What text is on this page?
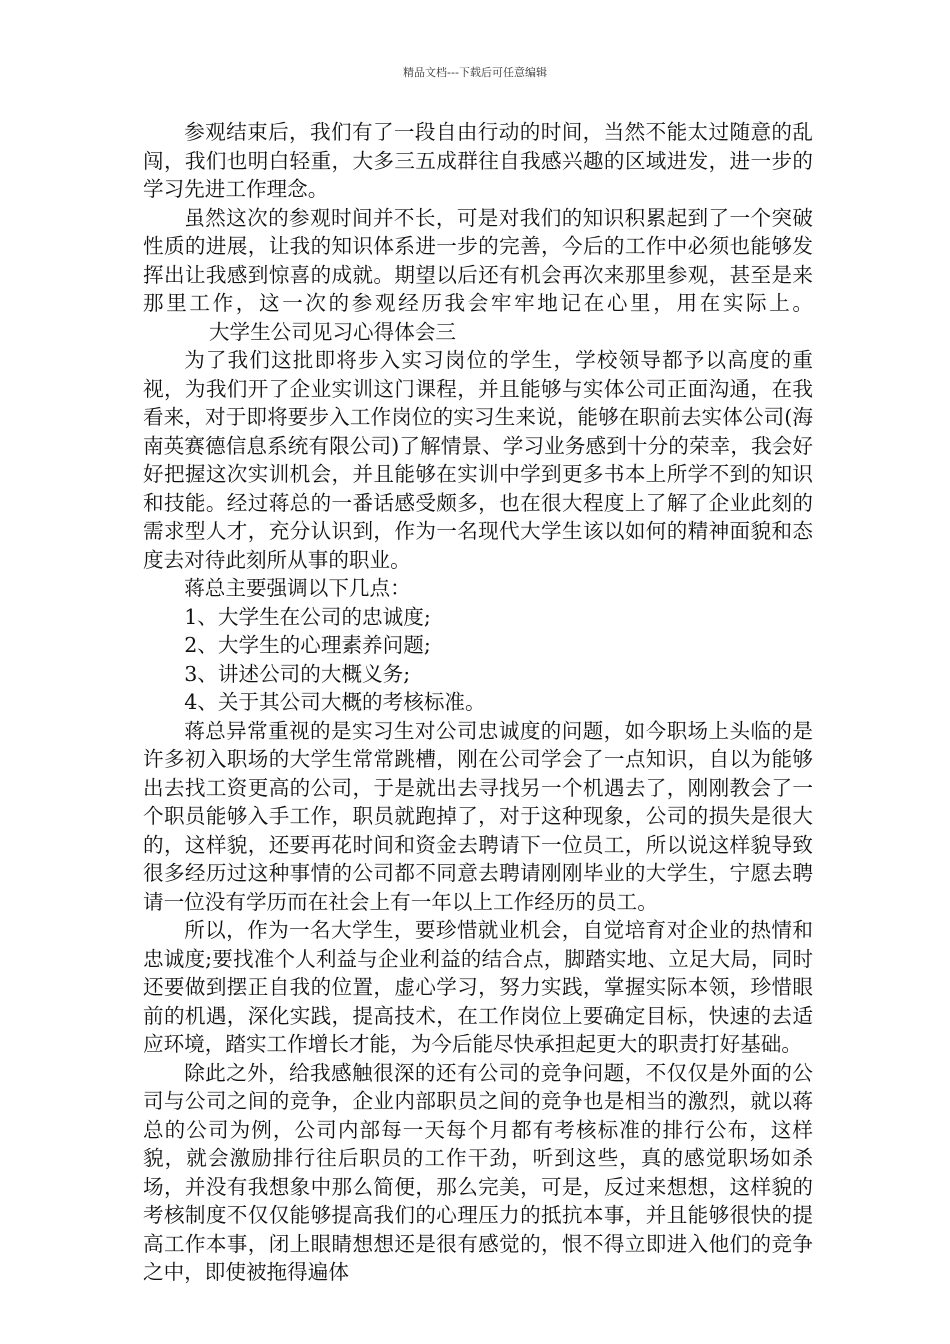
精品文档---下载后可任意编辑

参观结束后，我们有了一段自由行动的时间，当然不能太过随意的乱闯，我们也明白轻重，大多三五成群往自我感兴趣的区域进发，进一步的学习先进工作理念。

虽然这次的参观时间并不长，可是对我们的知识积累起到了一个突破性质的进展，让我的知识体系进一步的完善，今后的工作中必须也能够发挥出让我感到惊喜的成就。期望以后还有机会再次来那里参观，甚至是来那里工作，这一次的参观经历我会牢牢地记在心里，用在实际上。大学生公司见习心得体会三

为了我们这批即将步入实习岗位的学生，学校领导都予以高度的重视，为我们开了企业实训这门课程，并且能够与实体公司正面沟通，在我看来，对于即将要步入工作岗位的实习生来说，能够在职前去实体公司(海南英赛德信息系统有限公司)了解情景、学习业务感到十分的荣幸，我会好好把握这次实训机会，并且能够在实训中学到更多书本上所学不到的知识和技能。经过蒋总的一番话感受颇多，也在很大程度上了解了企业此刻的需求型人才，充分认识到，作为一名现代大学生该以如何的精神面貌和态度去对待此刻所从事的职业。

蒋总主要强调以下几点：

1、大学生在公司的忠诚度;

2、大学生的心理素养问题;

3、讲述公司的大概义务;

4、关于其公司大概的考核标准。

蒋总异常重视的是实习生对公司忠诚度的问题，如今职场上头临的是许多初入职场的大学生常常跳槽，刚在公司学会了一点知识，自以为能够出去找工资更高的公司，于是就出去寻找另一个机遇去了，刚刚教会了一个职员能够入手工作，职员就跑掉了，对于这种现象，公司的损失是很大的，这样貌，还要再花时间和资金去聘请下一位员工，所以说这样貌导致很多经历过这种事情的公司都不同意去聘请刚刚毕业的大学生，宁愿去聘请一位没有学历而在社会上有一年以上工作经历的员工。

所以，作为一名大学生，要珍惜就业机会，自觉培育对企业的热情和忠诚度;要找准个人利益与企业利益的结合点，脚踏实地、立足大局，同时还要做到摆正自我的位置，虚心学习，努力实践，掌握实际本领，珍惜眼前的机遇，深化实践，提高技术，在工作岗位上要确定目标，快速的去适应环境，踏实工作增长才能，为今后能尽快承担起更大的职责打好基础。

除此之外，给我感触很深的还有公司的竞争问题，不仅仅是外面的公司与公司之间的竞争，企业内部职员之间的竞争也是相当的激烈，就以蒋总的公司为例，公司内部每一天每个月都有考核标准的排行公布，这样貌，就会激励排行往后职员的工作干劲，听到这些，真的感觉职场如杀场，并没有我想象中那么简便，那么完美，可是，反过来想想，这样貌的考核制度不仅仅能够提高我们的心理压力的抵抗本事，并且能够很快的提高工作本事，闭上眼睛想想还是很有感觉的，恨不得立即进入他们的竞争之中，即使被拖得遍体
